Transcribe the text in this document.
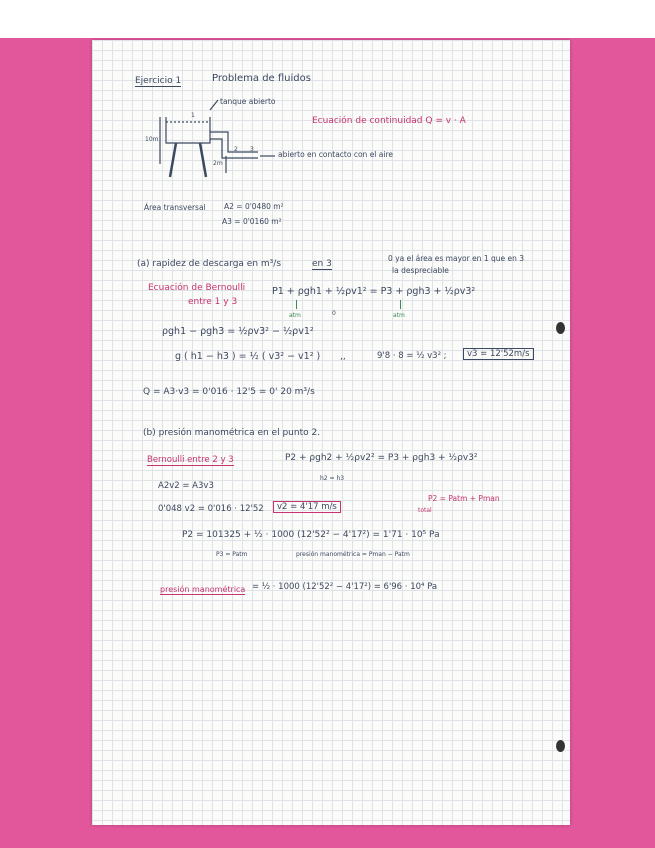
Ejercicio 1	Problema de fluidos
1
tanque abierto
10m
2m
2 3
abierto en contacto con el aire
Ecuación de continuidad Q = v · A
Área transversal A2 = 0'0480 m²
A3 = 0'0160 m²
(a) rapidez de descarga en m³/s	en 3
0 ya el área es mayor en 1 que en 3
la despreciable
Ecuación de Bernoulli
entre 1 y 3
P1 + ρgh1 + ½ρv1² = P3 + ρgh3 + ½ρv3²
atm	0	atm
ρgh1 − ρgh3 = ½ρv3² − ½ρv1²
g ( h1 − h3 ) = ½ ( v3² − v1² ) ,,	9'8 · 8 = ½ v3² ;	v3 = 12'52m/s
Q = A3·v3 = 0'016 · 12'5 = 0' 20 m³/s
(b) presión manométrica en el punto 2.
Bernoulli entre 2 y 3	P2 + ρgh2 + ½ρv2² = P3 + ρgh3 + ½ρv3²
h2 = h3
A2v2 = A3v3
P2 = Patm + Pman
total
0'048 v2 = 0'016 · 12'52	v2 = 4'17 m/s
P2 = 101325 + ½ · 1000 (12'52² − 4'17²) = 1'71 · 10⁵ Pa
P3 = Patm	presión manométrica = Pman − Patm
presión manométrica = ½ · 1000 (12'52² − 4'17²) = 6'96 · 10⁴ Pa
